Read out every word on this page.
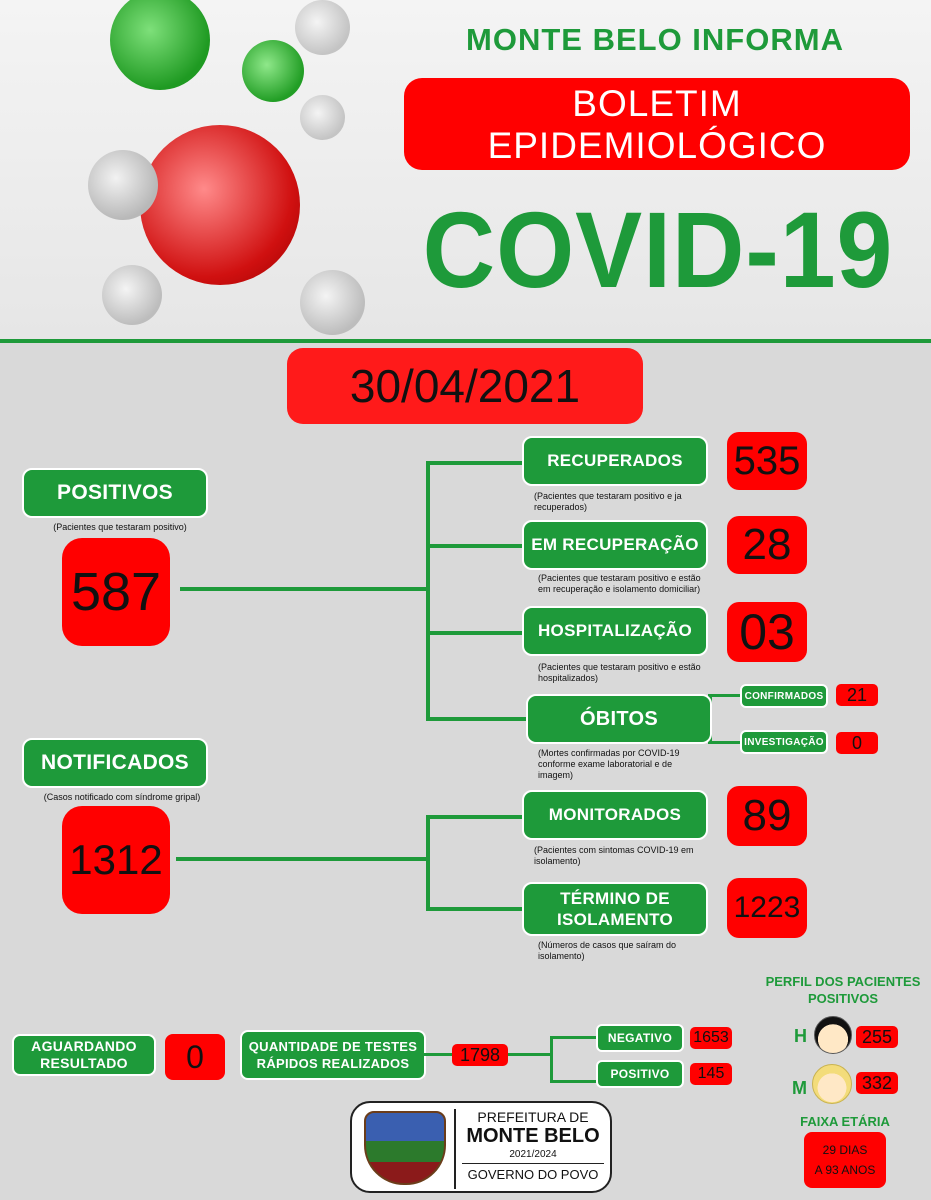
MONTE BELO INFORMA
BOLETIM
EPIDEMIOLÓGICO
COVID-19
30/04/2021
POSITIVOS
(Pacientes que testaram positivo)
587
NOTIFICADOS
(Casos notificado com síndrome gripal)
1312
RECUPERADOS
(Pacientes que testaram positivo e ja recuperados)
535
EM RECUPERAÇÃO
(Pacientes que testaram positivo e estão em recuperação e isolamento domiciliar)
28
HOSPITALIZAÇÃO
(Pacientes que testaram positivo e estão hospitalizados)
03
ÓBITOS
(Mortes confirmadas por COVID-19 conforme exame laboratorial e de imagem)
CONFIRMADOS	21
INVESTIGAÇÃO	0
MONITORADOS
(Pacientes com sintomas COVID-19 em isolamento)
89
TÉRMINO DE
ISOLAMENTO
(Números de casos que saíram do isolamento)
1223
AGUARDANDO
RESULTADO	0	QUANTIDADE DE TESTES
RÁPIDOS REALIZADOS	1798
NEGATIVO	1653
POSITIVO	145
PERFIL DOS PACIENTES
POSITIVOS
H	255
M	332
FAIXA ETÁRIA
29 DIAS
A 93 ANOS
PREFEITURA DE
MONTE BELO
2021/2024
GOVERNO DO POVO
